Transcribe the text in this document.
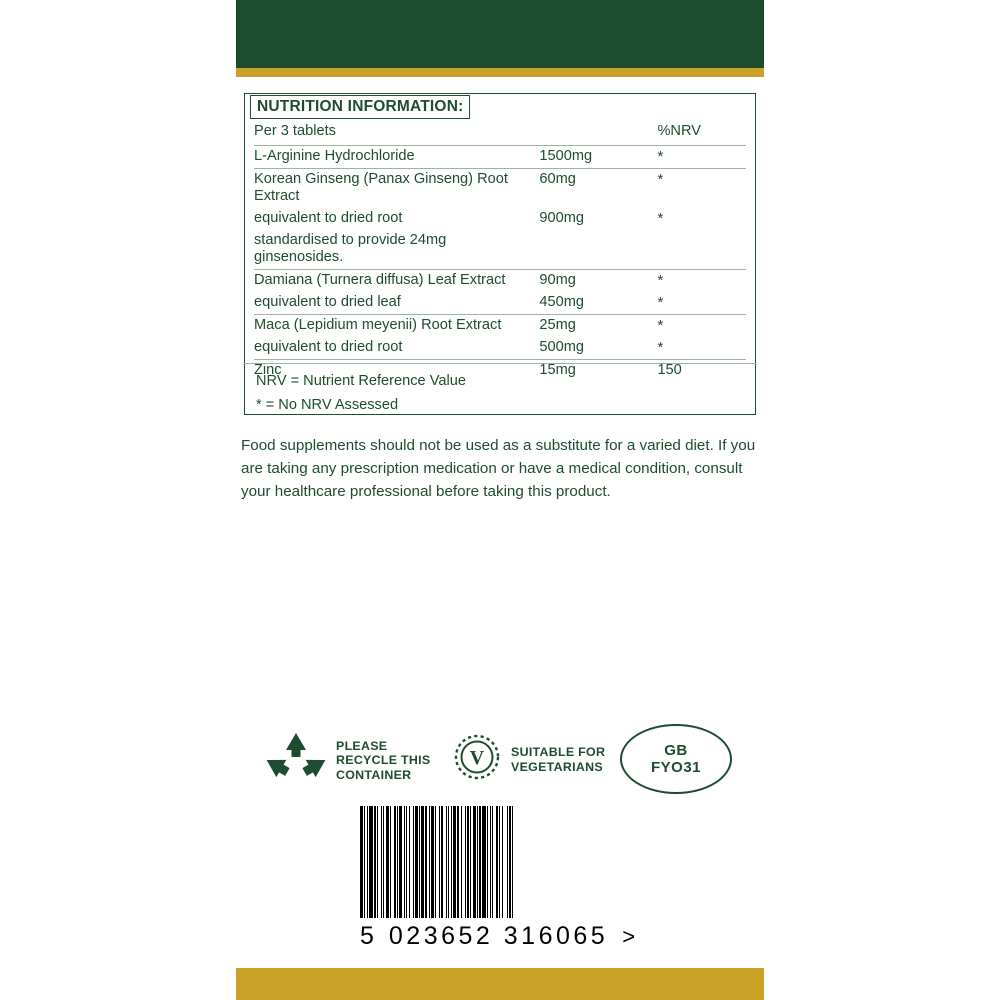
NUTRITION INFORMATION:
Per 3 tablets		%NRV
L-Arginine Hydrochloride	1500mg	*
Korean Ginseng (Panax Ginseng) Root Extract	60mg	*
equivalent to dried root	900mg	*
standardised to provide 24mg ginsenosides.		
Damiana (Turnera diffusa) Leaf Extract	90mg	*
equivalent to dried leaf	450mg	*
Maca (Lepidium meyenii) Root Extract	25mg	*
equivalent to dried root	500mg	*
Zinc	15mg	150
NRV = Nutrient Reference Value
* = No NRV Assessed
Food supplements should not be used as a substitute for a varied diet. If you are taking any prescription medication or have a medical condition, consult your healthcare professional before taking this product.
PLEASE
RECYCLE THIS
CONTAINER
V SUITABLE FOR
VEGETARIANS
GB
FYO31
5 023652 316065 >
